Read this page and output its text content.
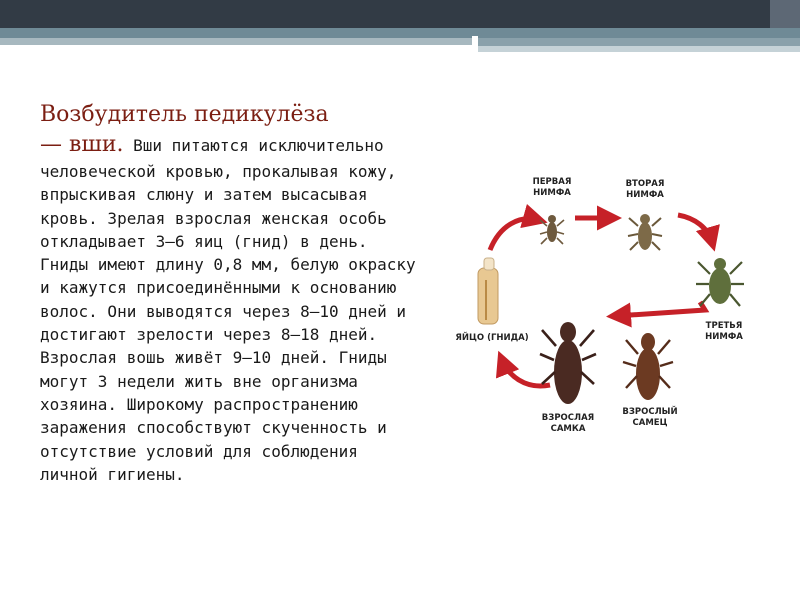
Возбудитель педикулёза
— вши. Вши питаются исключительно человеческой кровью, прокалывая кожу, впрыскивая слюну и затем высасывая кровь. Зрелая взрослая женская особь откладывает 3—6 яиц (гнид) в день. Гниды имеют длину 0,8 мм, белую окраску и кажутся присоединёнными к основанию волос. Они выводятся через 8—10 дней и достигают зрелости через 8—18 дней. Взрослая вошь живёт 9—10 дней. Гниды могут 3 недели жить вне организма хозяина. Широкому распространению заражения способствуют скученность и отсутствие условий для соблюдения личной гигиены.
ПЕРВАЯ
НИМФА
ВТОРАЯ
НИМФА
ТРЕТЬЯ
НИМФА
ЯЙЦО (ГНИДА)
ВЗРОСЛАЯ
САМКА
ВЗРОСЛЫЙ
САМЕЦ
